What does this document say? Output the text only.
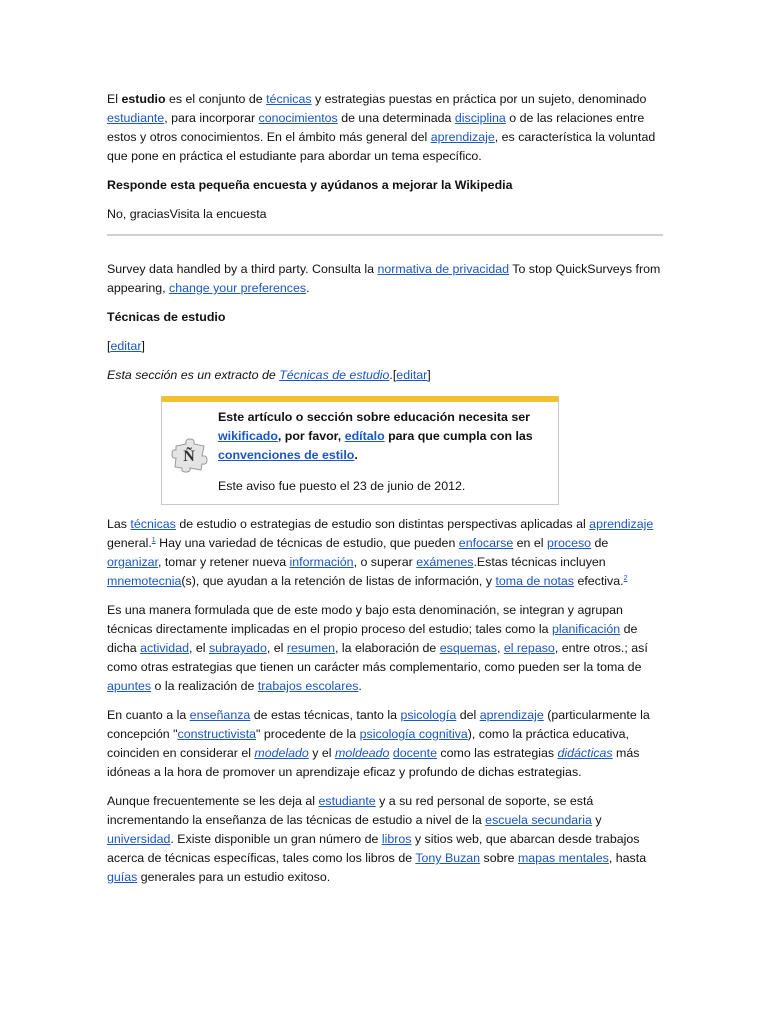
El estudio es el conjunto de técnicas y estrategias puestas en práctica por un sujeto, denominado estudiante, para incorporar conocimientos de una determinada disciplina o de las relaciones entre estos y otros conocimientos. En el ámbito más general del aprendizaje, es característica la voluntad que pone en práctica el estudiante para abordar un tema específico.

Responde esta pequeña encuesta y ayúdanos a mejorar la Wikipedia

No, graciasVisita la encuesta

Survey data handled by a third party. Consulta la normativa de privacidad To stop QuickSurveys from appearing, change your preferences.

Técnicas de estudio

[editar]

Esta sección es un extracto de Técnicas de estudio.[editar]

Ñ

Este artículo o sección sobre educación necesita ser wikificado, por favor, edítalo para que cumpla con las convenciones de estilo.

Este aviso fue puesto el 23 de junio de 2012.

Las técnicas de estudio o estrategias de estudio son distintas perspectivas aplicadas al aprendizaje general.$^1$ Hay una variedad de técnicas de estudio, que pueden enfocarse en el proceso de organizar, tomar y retener nueva información, o superar exámenes.Estas técnicas incluyen mnemotecnia(s), que ayudan a la retención de listas de información, y toma de notas efectiva.$^2$

Es una manera formulada que de este modo y bajo esta denominación, se integran y agrupan técnicas directamente implicadas en el propio proceso del estudio; tales como la planificación de dicha actividad, el subrayado, el resumen, la elaboración de esquemas, el repaso, entre otros.; así como otras estrategias que tienen un carácter más complementario, como pueden ser la toma de apuntes o la realización de trabajos escolares.

En cuanto a la enseñanza de estas técnicas, tanto la psicología del aprendizaje (particularmente la concepción "constructivista" procedente de la psicología cognitiva), como la práctica educativa, coinciden en considerar el modelado y el moldeado docente como las estrategias didácticas más idóneas a la hora de promover un aprendizaje eficaz y profundo de dichas estrategias.

Aunque frecuentemente se les deja al estudiante y a su red personal de soporte, se está incrementando la enseñanza de las técnicas de estudio a nivel de la escuela secundaria y universidad. Existe disponible un gran número de libros y sitios web, que abarcan desde trabajos acerca de técnicas específicas, tales como los libros de Tony Buzan sobre mapas mentales, hasta guías generales para un estudio exitoso.
